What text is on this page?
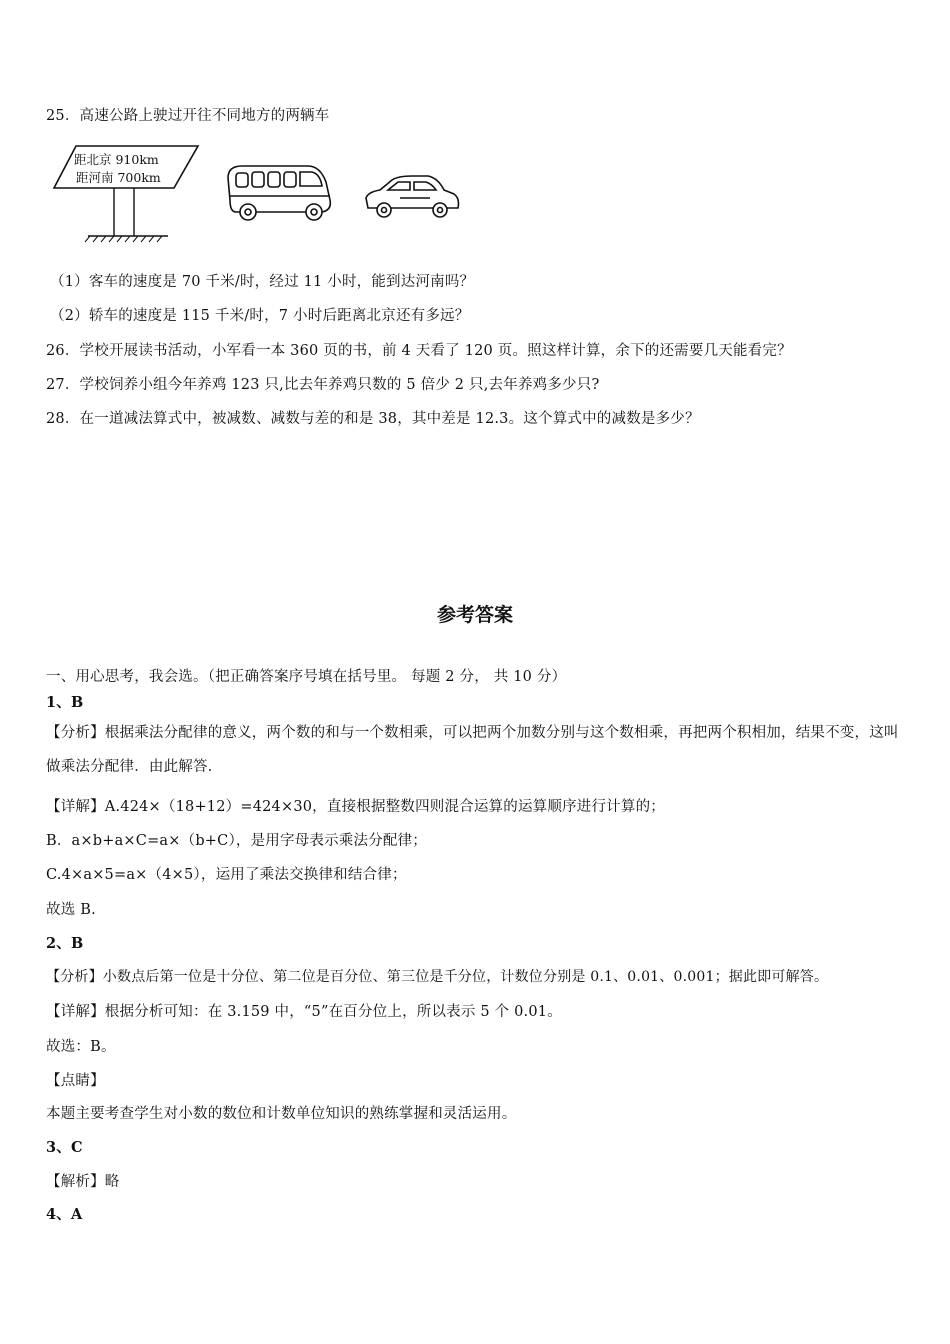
25．高速公路上驶过开往不同地方的两辆车
距北京 910km
距河南 700km
（1）客车的速度是 70 千米/时，经过 11 小时，能到达河南吗？
（2）轿车的速度是 115 千米/时，7 小时后距离北京还有多远？
26．学校开展读书活动，小军看一本 360 页的书，前 4 天看了 120 页。照这样计算，余下的还需要几天能看完？
27．学校饲养小组今年养鸡 123 只,比去年养鸡只数的 5 倍少 2 只,去年养鸡多少只?
28．在一道减法算式中，被减数、减数与差的和是 38，其中差是 12.3。这个算式中的减数是多少？
参考答案
一、用心思考，我会选。（把正确答案序号填在括号里。 每题 2 分， 共 10 分）
1、B
【分析】根据乘法分配律的意义，两个数的和与一个数相乘，可以把两个加数分别与这个数相乘，再把两个积相加，结果不变，这叫做乘法分配律．由此解答．
【详解】A.424×（18+12）=424×30，直接根据整数四则混合运算的运算顺序进行计算的；
B．a×b+a×C=a×（b+C），是用字母表示乘法分配律；
C.4×a×5=a×（4×5），运用了乘法交换律和结合律；
故选 B.
2、B
【分析】小数点后第一位是十分位、第二位是百分位、第三位是千分位，计数位分别是 0.1、0.01、0.001；据此即可解答。
【详解】根据分析可知：在 3.159 中，“5”在百分位上，所以表示 5 个 0.01。
故选：B。
【点睛】
本题主要考查学生对小数的数位和计数单位知识的熟练掌握和灵活运用。
3、C
【解析】略
4、A
